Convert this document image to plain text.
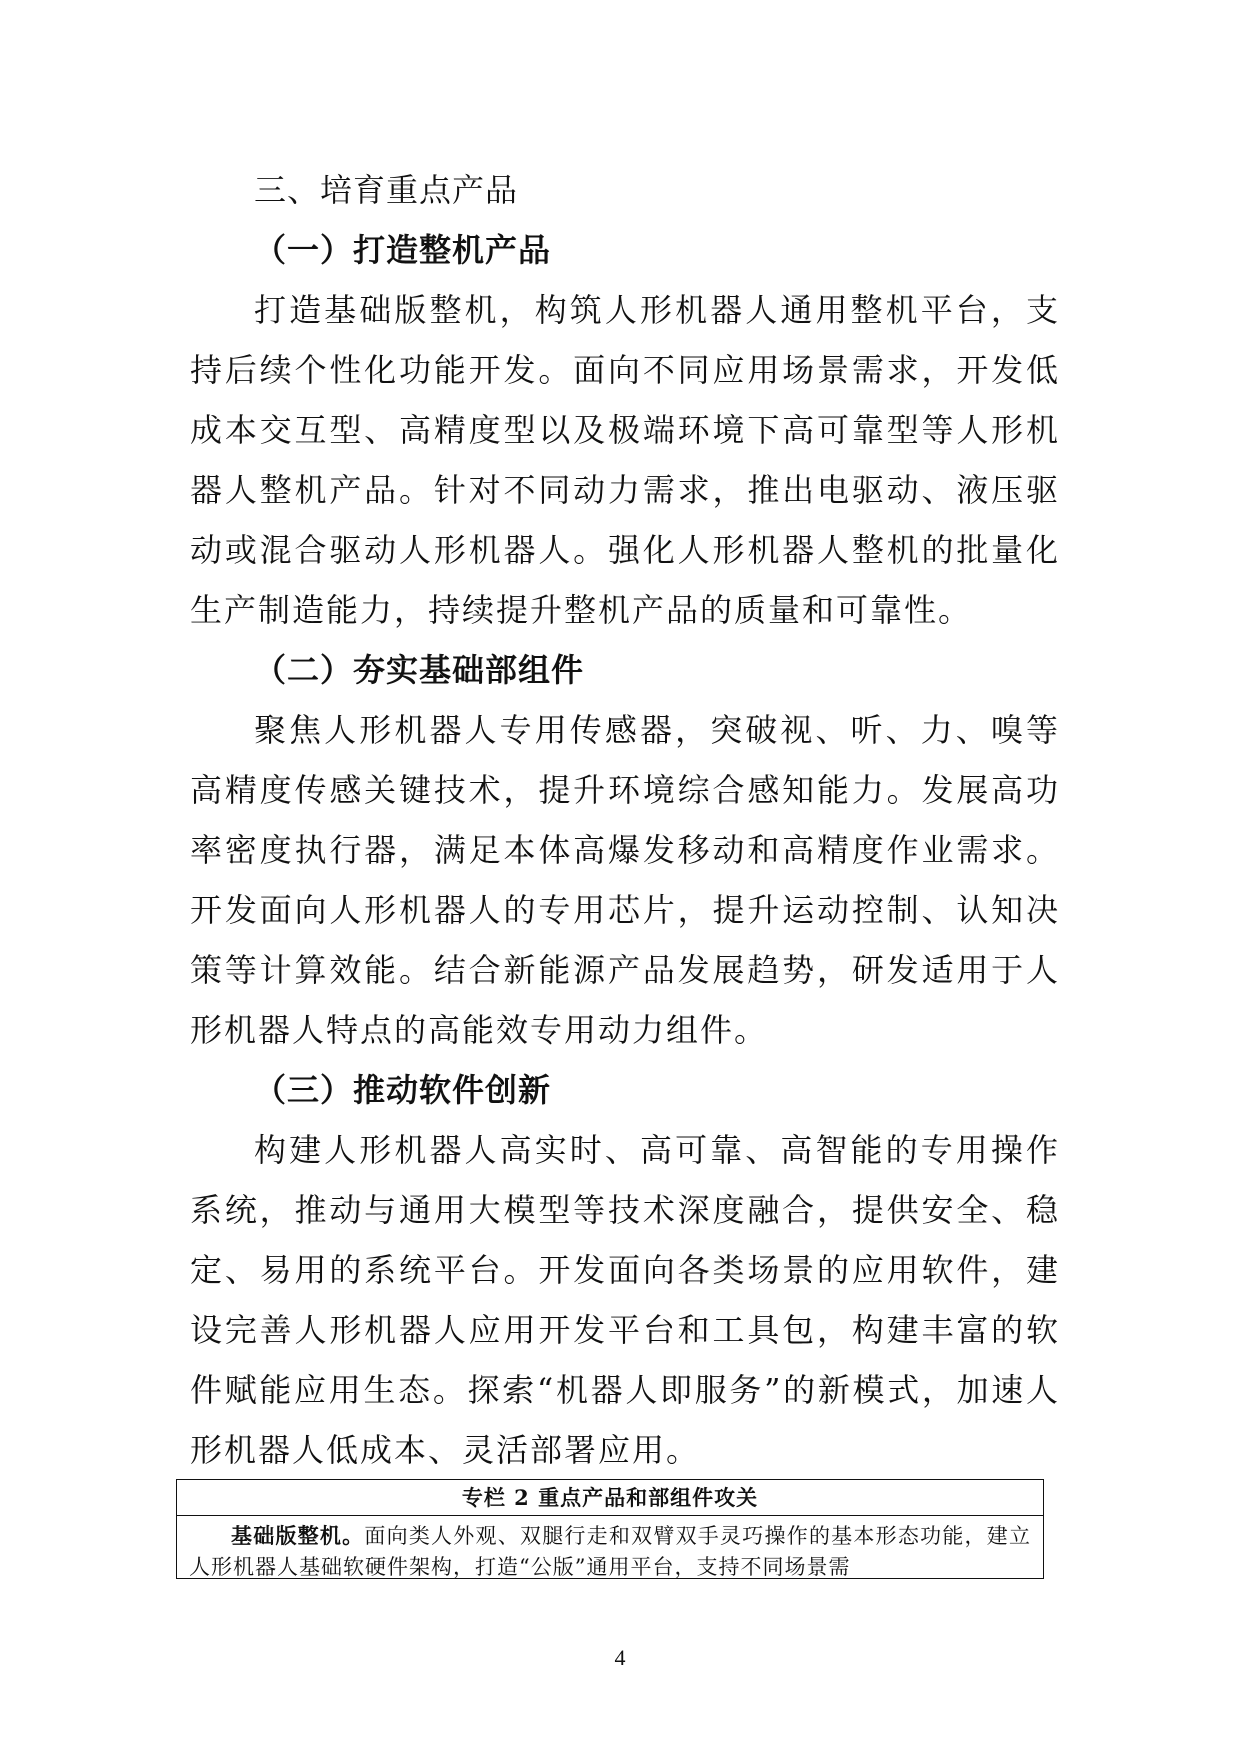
三、培育重点产品
（一）打造整机产品

打造基础版整机，构筑人形机器人通用整机平台，支持后续个性化功能开发。面向不同应用场景需求，开发低成本交互型、高精度型以及极端环境下高可靠型等人形机器人整机产品。针对不同动力需求，推出电驱动、液压驱动或混合驱动人形机器人。强化人形机器人整机的批量化生产制造能力，持续提升整机产品的质量和可靠性。

（二）夯实基础部组件

聚焦人形机器人专用传感器，突破视、听、力、嗅等高精度传感关键技术，提升环境综合感知能力。发展高功率密度执行器，满足本体高爆发移动和高精度作业需求。开发面向人形机器人的专用芯片，提升运动控制、认知决策等计算效能。结合新能源产品发展趋势，研发适用于人形机器人特点的高能效专用动力组件。

（三）推动软件创新

构建人形机器人高实时、高可靠、高智能的专用操作系统，推动与通用大模型等技术深度融合，提供安全、稳定、易用的系统平台。开发面向各类场景的应用软件，建设完善人形机器人应用开发平台和工具包，构建丰富的软件赋能应用生态。探索“机器人即服务”的新模式，加速人形机器人低成本、灵活部署应用。

专栏 2 重点产品和部组件攻关
基础版整机。面向类人外观、双腿行走和双臂双手灵巧操作的基本形态功能，建立人形机器人基础软硬件架构，打造“公版”通用平台，支持不同场景需
4
